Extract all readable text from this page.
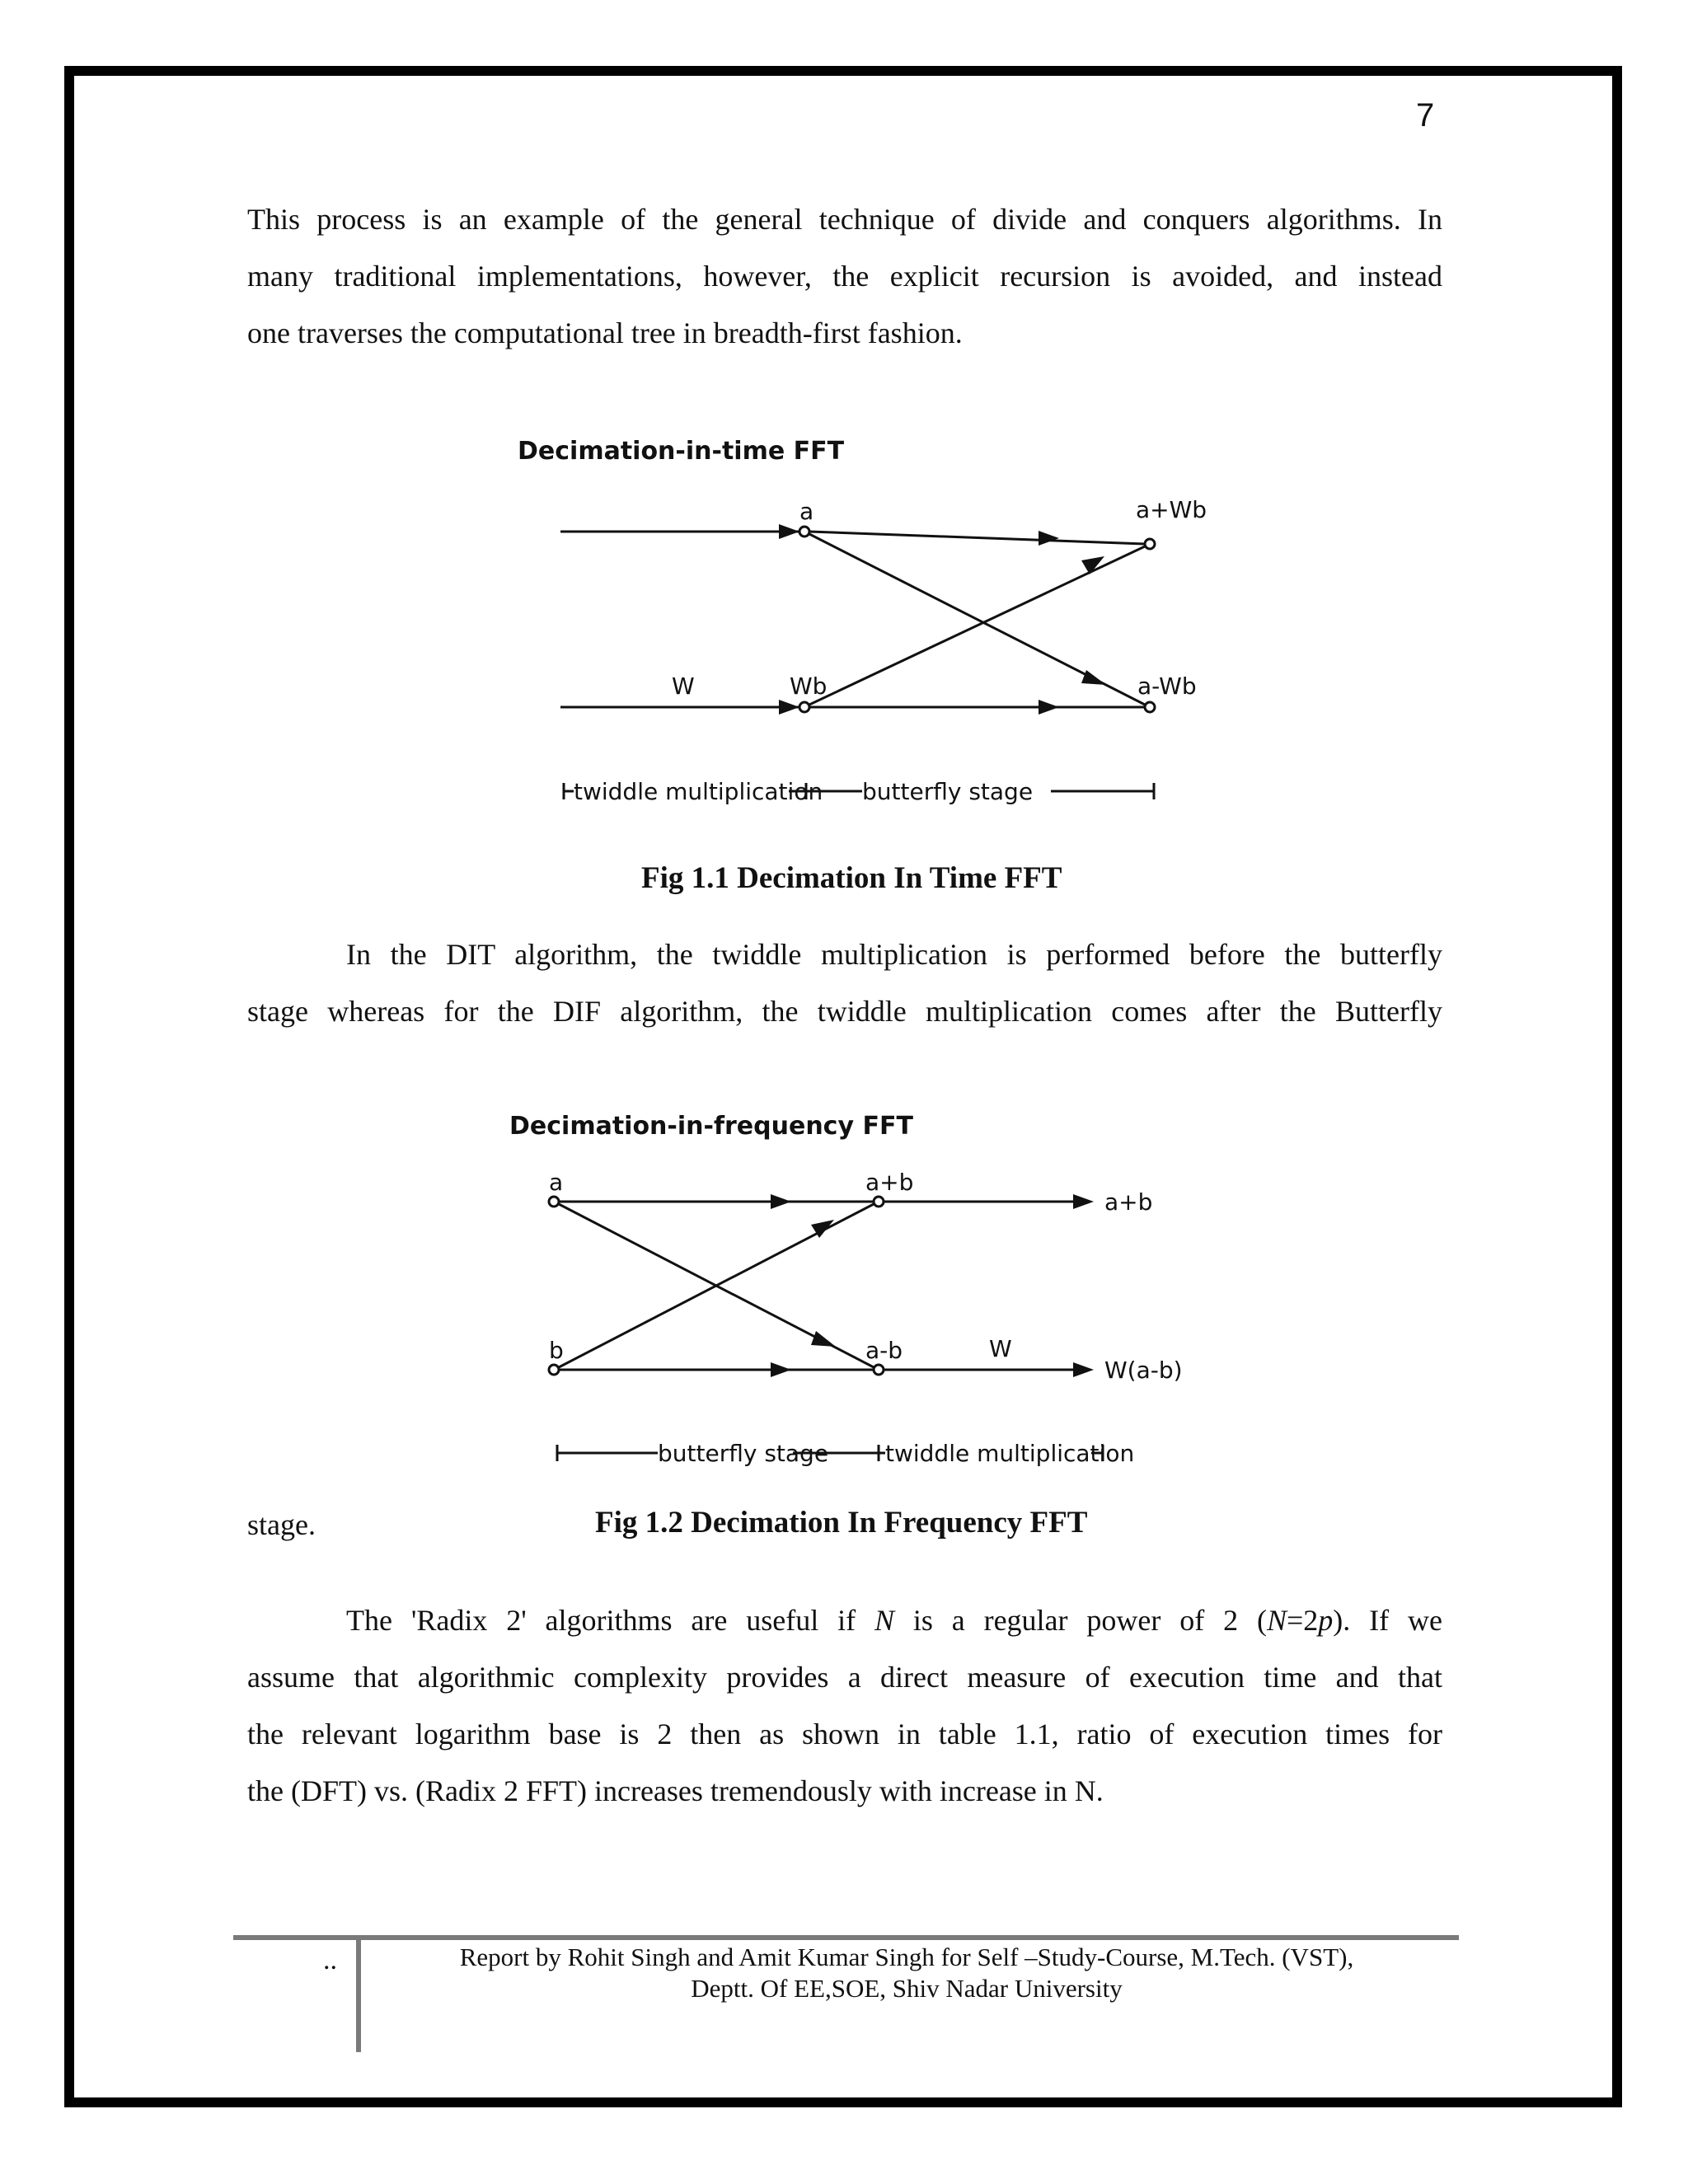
7
This process is an example of the general technique of divide and conquers algorithms. In
many traditional implementations, however, the explicit recursion is avoided, and instead
one traverses the computational tree in breadth-first fashion.
Decimation-in-time FFT
a	a+Wb
W	Wb	a-Wb
twiddle multiplication butterfly stage
Fig 1.1 Decimation In Time FFT
In the DIT algorithm, the twiddle multiplication is performed before the butterfly
stage whereas for the DIF algorithm, the twiddle multiplication comes after the Butterfly
Decimation-in-frequency FFT
a	a+b
a+b
b	a-b	W
W(a-b)
butterfly stage twiddle multiplication
stage.	Fig 1.2 Decimation In Frequency FFT
The 'Radix 2' algorithms are useful if N is a regular power of 2 (N=2p). If we
assume that algorithmic complexity provides a direct measure of execution time and that
the relevant logarithm base is 2 then as shown in table 1.1, ratio of execution times for
the (DFT) vs. (Radix 2 FFT) increases tremendously with increase in N.
..	Report by Rohit Singh and Amit Kumar Singh for Self –Study-Course, M.Tech. (VST),
Deptt. Of EE,SOE, Shiv Nadar University
